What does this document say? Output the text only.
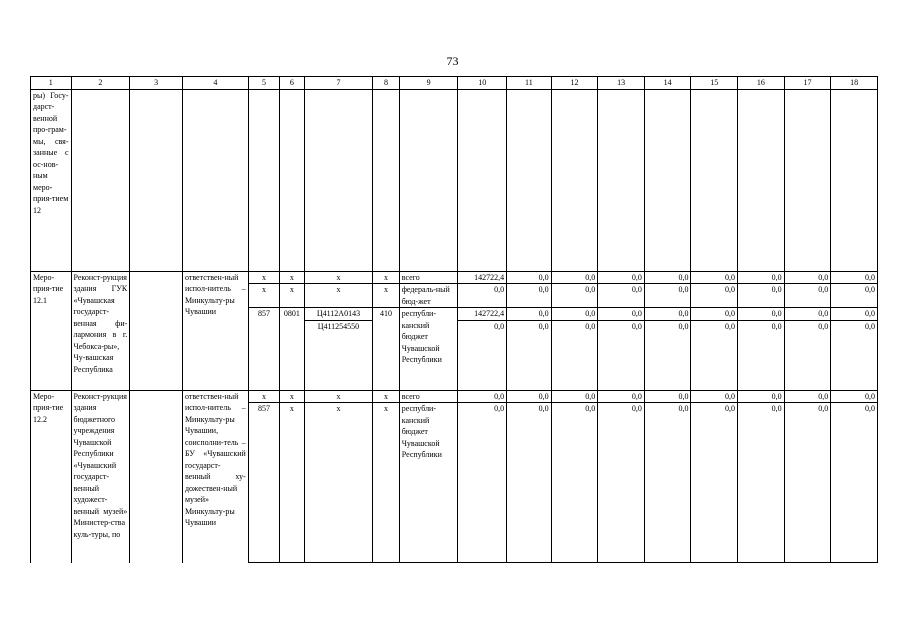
73
1	2	3	4	5	6	7	8	9	10	11	12	13	14	15	16	17	18
ры) Госу-дарст-венной про-грам-мы, свя-занные с ос-нов-ным меро-прия-тием 12																	
Меро-прия-тие 12.1	Реконст-рукция здания ГУК «Чувашская государст-венная фи-лармония в г. Чебокса-ры», Чу-вашская Республика		ответствен-ный испол-нитель – Минкульту-ры Чувашии	x	x	x	x	всего	142722,4	0,0	0,0	0,0	0,0	0,0	0,0	0,0	0,0
				x	x	x	x	федераль-ный бюд-жет	0,0	0,0	0,0	0,0	0,0	0,0	0,0	0,0	0,0
				857	0801	Ц4112А0143	410	республи-канский бюджет Чувашской Республики	142722,4	0,0	0,0	0,0	0,0	0,0	0,0	0,0	0,0
						Ц411254550			0,0	0,0	0,0	0,0	0,0	0,0	0,0	0,0	0,0
Меро-прия-тие 12.2	Реконст-рукция здания бюджетного учреждения Чувашской Республики «Чувашский государст-венный художест-венный музей» Министер-ства куль-туры, по		ответствен-ный испол-нитель – Минкульту-ры Чувашии, соисполни-тель – БУ «Чувашский государст-венный ху-дожествен-ный музей» Минкульту-ры Чувашии	x	x	x	x	всего	0,0	0,0	0,0	0,0	0,0	0,0	0,0	0,0	0,0
				857	x	x	x	республи-канский бюджет Чувашской Республики	0,0	0,0	0,0	0,0	0,0	0,0	0,0	0,0	0,0
